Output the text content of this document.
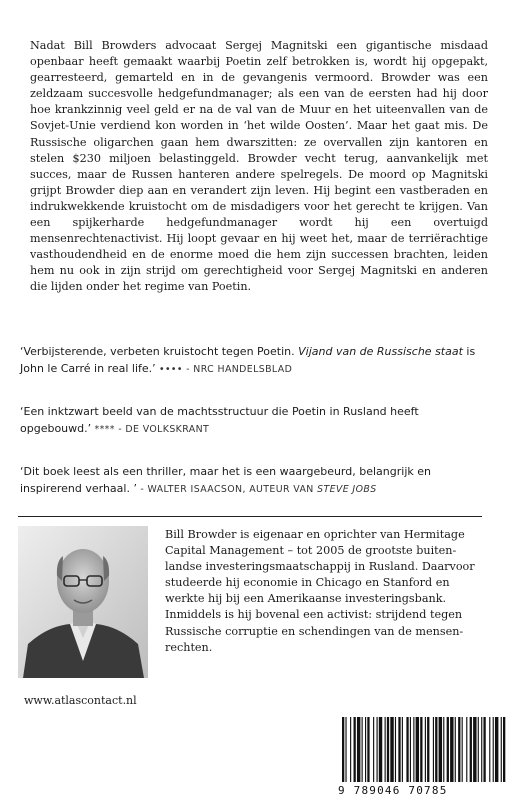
Nadat Bill Browders advocaat Sergej Magnitski een gigantische misdaad openbaar heeft gemaakt waarbij Poetin zelf betrokken is, wordt hij opgepakt, gearresteerd, gemarteld en in de gevangenis vermoord. Browder was een zeldzaam succesvolle hedgefundmanager; als een van de eersten had hij door hoe krankzinnig veel geld er na de val van de Muur en het uiteenvallen van de Sovjet-Unie verdiend kon worden in ‘het wilde Oosten’. Maar het gaat mis. De Russische oligarchen gaan hem dwarszitten: ze overvallen zijn kantoren en stelen $230 miljoen belastinggeld. Browder vecht terug, aanvankelijk met succes, maar de Russen hanteren andere spelregels. De moord op Magnitski grijpt Browder diep aan en verandert zijn leven. Hij begint een vastberaden en indrukwekkende kruistocht om de misdadigers voor het gerecht te krijgen. Van een spijkerharde hedgefundmanager wordt hij een overtuigd mensenrechtenactivist. Hij loopt gevaar en hij weet het, maar de terriërachtige vasthoudendheid en de enorme moed die hem zijn successen brachten, leiden hem nu ook in zijn strijd om gerechtigheid voor Sergej Magnitski en anderen die lijden onder het regime van Poetin.

‘Verbijsterende, verbeten kruistocht tegen Poetin. Vijand van de Russische staat is John le Carré in real life.’ •••• - NRC HANDELSBLAD
‘Een inktzwart beeld van de machtsstructuur die Poetin in Rusland heeft opgebouwd.’ **** - DE VOLKSKRANT
‘Dit boek leest als een thriller, maar het is een waargebeurd, belangrijk en inspirerend verhaal. ’ - WALTER ISAACSON, AUTEUR VAN STEVE JOBS

Bill Browder is eigenaar en oprichter van Hermitage Capital Management – tot 2005 de grootste buitenlandse investeringsmaatschappij in Rusland. Daarvoor studeerde hij economie in Chicago en Stanford en werkte hij bij een Amerikaanse investeringsbank. Inmiddels is hij bovenal een activist: strijdend tegen Russische corruptie en schendingen van de mensenrechten.

www.atlascontact.nl
9 789046 70785
